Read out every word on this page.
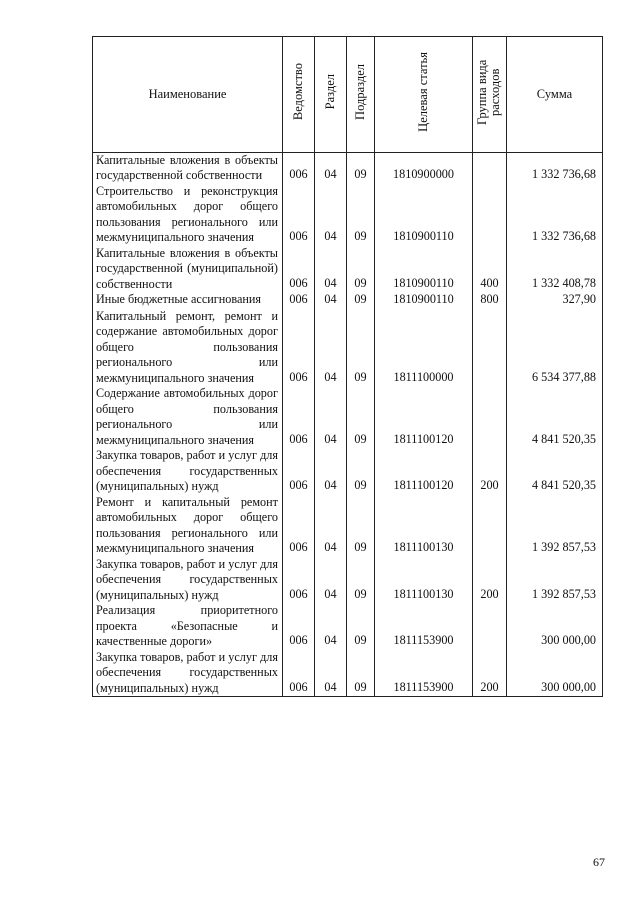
Наименование	Ведомство	Раздел	Подраздел	Целевая статья	Группа вида расходов	Сумма
Капитальные вложения в объекты государственной собственности	006	04	09	1810900000		1 332 736,68
Строительство и реконструкция автомобильных дорог общего пользования регионального или межмуниципального значения	006	04	09	1810900110		1 332 736,68
Капитальные вложения в объекты государственной (муниципальной) собственности	006	04	09	1810900110	400	1 332 408,78
Иные бюджетные ассигнования	006	04	09	1810900110	800	327,90
Капитальный ремонт, ремонт и содержание автомобильных дорог общего пользования регионального или межмуниципального значения	006	04	09	1811100000		6 534 377,88
Содержание автомобильных дорог общего пользования регионального или межмуниципального значения	006	04	09	1811100120		4 841 520,35
Закупка товаров, работ и услуг для обеспечения государственных (муниципальных) нужд	006	04	09	1811100120	200	4 841 520,35
Ремонт и капитальный ремонт автомобильных дорог общего пользования регионального или межмуниципального значения	006	04	09	1811100130		1 392 857,53
Закупка товаров, работ и услуг для обеспечения государственных (муниципальных) нужд	006	04	09	1811100130	200	1 392 857,53
Реализация приоритетного проекта «Безопасные и качественные дороги»	006	04	09	1811153900		300 000,00
Закупка товаров, работ и услуг для обеспечения государственных (муниципальных) нужд	006	04	09	1811153900	200	300 000,00
67
